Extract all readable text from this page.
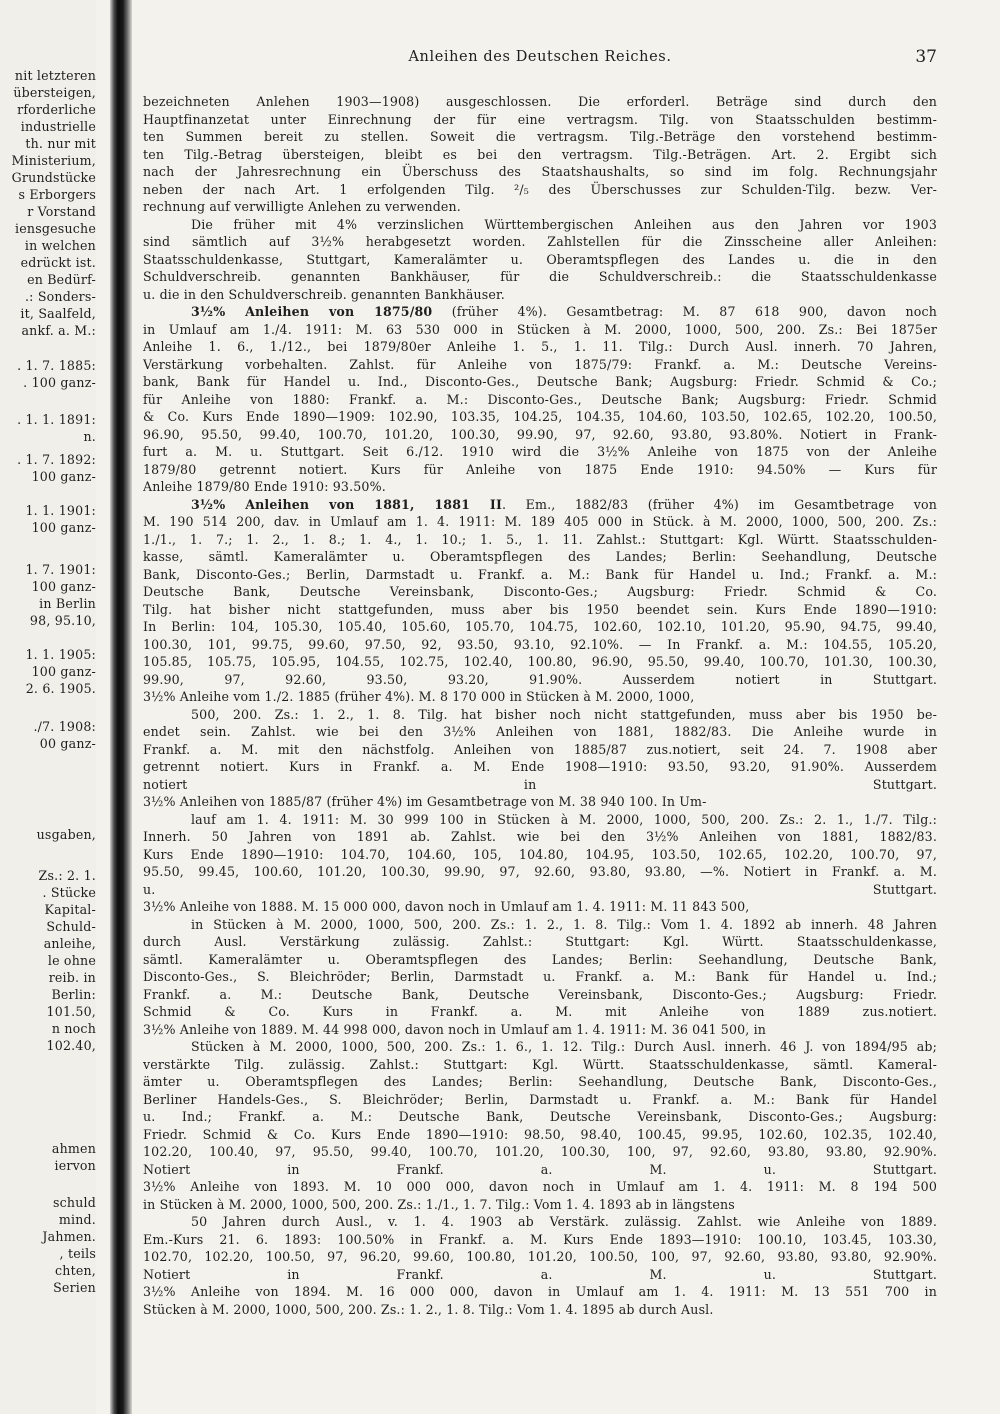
nit letzteren
übersteigen,
rforderliche
industrielle
th. nur mit
Ministerium,
Grundstücke
s Erborgers
r Vorstand
iensgesuche
in welchen
edrückt ist.
en Bedürf-
.: Sonders-
it, Saalfeld,
ankf. a. M.:
. 1. 7. 1885:
. 100 ganz-
. 1. 1. 1891:
n.
. 1. 7. 1892:
100 ganz-
1. 1. 1901:
100 ganz-
1. 7. 1901:
100 ganz-
in Berlin
98, 95.10,
1. 1. 1905:
100 ganz-
2. 6. 1905.
./7. 1908:
00 ganz-
usgaben,
Zs.: 2. 1.
. Stücke
Kapital-
Schuld-
anleihe,
le ohne
reib. in
Berlin:
101.50,
n noch
102.40,
ahmen
iervon
schuld
mind.
Jahmen.
, teils
chten,
Serien
Anleihen des Deutschen Reiches.	37
bezeichneten Anlehen 1903—1908) ausgeschlossen. Die erforderl. Beträge sind durch den
Hauptfinanzetat unter Einrechnung der für eine vertragsm. Tilg. von Staatsschulden bestimm-
ten Summen bereit zu stellen. Soweit die vertragsm. Tilg.-Beträge den vorstehend bestimm-
ten Tilg.-Betrag übersteigen, bleibt es bei den vertragsm. Tilg.-Beträgen. Art. 2. Ergibt sich
nach der Jahresrechnung ein Überschuss des Staatshaushalts, so sind im folg. Rechnungsjahr
neben der nach Art. 1 erfolgenden Tilg. ²/₅ des Überschusses zur Schulden-Tilg. bezw. Ver-
rechnung auf verwilligte Anlehen zu verwenden.
Die früher mit 4% verzinslichen Württembergischen Anleihen aus den Jahren vor 1903
sind sämtlich auf 3½% herabgesetzt worden. Zahlstellen für die Zinsscheine aller Anleihen:
Staatsschuldenkasse, Stuttgart, Kameralämter u. Oberamtspflegen des Landes u. die in den
Schuldverschreib. genannten Bankhäuser, für die Schuldverschreib.: die Staatsschuldenkasse
u. die in den Schuldverschreib. genannten Bankhäuser.
3½% Anleihen von 1875/80 (früher 4%). Gesamtbetrag: M. 87 618 900, davon noch
in Umlauf am 1./4. 1911: M. 63 530 000 in Stücken à M. 2000, 1000, 500, 200. Zs.: Bei 1875er
Anleihe 1. 6., 1./12., bei 1879/80er Anleihe 1. 5., 1. 11. Tilg.: Durch Ausl. innerh. 70 Jahren,
Verstärkung vorbehalten. Zahlst. für Anleihe von 1875/79: Frankf. a. M.: Deutsche Vereins-
bank, Bank für Handel u. Ind., Disconto-Ges., Deutsche Bank; Augsburg: Friedr. Schmid & Co.;
für Anleihe von 1880: Frankf. a. M.: Disconto-Ges., Deutsche Bank; Augsburg: Friedr. Schmid
& Co. Kurs Ende 1890—1909: 102.90, 103.35, 104.25, 104.35, 104.60, 103.50, 102.65, 102.20, 100.50,
96.90, 95.50, 99.40, 100.70, 101.20, 100.30, 99.90, 97, 92.60, 93.80, 93.80%. Notiert in Frank-
furt a. M. u. Stuttgart. Seit 6./12. 1910 wird die 3½% Anleihe von 1875 von der Anleihe
1879/80 getrennt notiert. Kurs für Anleihe von 1875 Ende 1910: 94.50% — Kurs für
Anleihe 1879/80 Ende 1910: 93.50%.
3½% Anleihen von 1881, 1881 II. Em., 1882/83 (früher 4%) im Gesamtbetrage von
M. 190 514 200, dav. in Umlauf am 1. 4. 1911: M. 189 405 000 in Stück. à M. 2000, 1000, 500, 200. Zs.:
1./1., 1. 7.; 1. 2., 1. 8.; 1. 4., 1. 10.; 1. 5., 1. 11. Zahlst.: Stuttgart: Kgl. Württ. Staatsschulden-
kasse, sämtl. Kameralämter u. Oberamtspflegen des Landes; Berlin: Seehandlung, Deutsche
Bank, Disconto-Ges.; Berlin, Darmstadt u. Frankf. a. M.: Bank für Handel u. Ind.; Frankf. a. M.:
Deutsche Bank, Deutsche Vereinsbank, Disconto-Ges.; Augsburg: Friedr. Schmid & Co.
Tilg. hat bisher nicht stattgefunden, muss aber bis 1950 beendet sein. Kurs Ende 1890—1910:
In Berlin: 104, 105.30, 105.40, 105.60, 105.70, 104.75, 102.60, 102.10, 101.20, 95.90, 94.75, 99.40,
100.30, 101, 99.75, 99.60, 97.50, 92, 93.50, 93.10, 92.10%. — In Frankf. a. M.: 104.55, 105.20,
105.85, 105.75, 105.95, 104.55, 102.75, 102.40, 100.80, 96.90, 95.50, 99.40, 100.70, 101.30, 100.30,
99.90, 97, 92.60, 93.50, 93.20, 91.90%. Ausserdem notiert in Stuttgart.
3½% Anleihe vom 1./2. 1885 (früher 4%). M. 8 170 000 in Stücken à M. 2000, 1000,
500, 200. Zs.: 1. 2., 1. 8. Tilg. hat bisher noch nicht stattgefunden, muss aber bis 1950 be-
endet sein. Zahlst. wie bei den 3½% Anleihen von 1881, 1882/83. Die Anleihe wurde in
Frankf. a. M. mit den nächstfolg. Anleihen von 1885/87 zus.notiert, seit 24. 7. 1908 aber
getrennt notiert. Kurs in Frankf. a. M. Ende 1908—1910: 93.50, 93.20, 91.90%. Ausserdem
notiert in Stuttgart.
3½% Anleihen von 1885/87 (früher 4%) im Gesamtbetrage von M. 38 940 100. In Um-
lauf am 1. 4. 1911: M. 30 999 100 in Stücken à M. 2000, 1000, 500, 200. Zs.: 2. 1., 1./7. Tilg.:
Innerh. 50 Jahren von 1891 ab. Zahlst. wie bei den 3½% Anleihen von 1881, 1882/83.
Kurs Ende 1890—1910: 104.70, 104.60, 105, 104.80, 104.95, 103.50, 102.65, 102.20, 100.70, 97,
95.50, 99.45, 100.60, 101.20, 100.30, 99.90, 97, 92.60, 93.80, 93.80, —%. Notiert in Frankf. a. M.
u. Stuttgart.
3½% Anleihe von 1888. M. 15 000 000, davon noch in Umlauf am 1. 4. 1911: M. 11 843 500,
in Stücken à M. 2000, 1000, 500, 200. Zs.: 1. 2., 1. 8. Tilg.: Vom 1. 4. 1892 ab innerh. 48 Jahren
durch Ausl. Verstärkung zulässig. Zahlst.: Stuttgart: Kgl. Württ. Staatsschuldenkasse,
sämtl. Kameralämter u. Oberamtspflegen des Landes; Berlin: Seehandlung, Deutsche Bank,
Disconto-Ges., S. Bleichröder; Berlin, Darmstadt u. Frankf. a. M.: Bank für Handel u. Ind.;
Frankf. a. M.: Deutsche Bank, Deutsche Vereinsbank, Disconto-Ges.; Augsburg: Friedr.
Schmid & Co. Kurs in Frankf. a. M. mit Anleihe von 1889 zus.notiert.
3½% Anleihe von 1889. M. 44 998 000, davon noch in Umlauf am 1. 4. 1911: M. 36 041 500, in
Stücken à M. 2000, 1000, 500, 200. Zs.: 1. 6., 1. 12. Tilg.: Durch Ausl. innerh. 46 J. von 1894/95 ab;
verstärkte Tilg. zulässig. Zahlst.: Stuttgart: Kgl. Württ. Staatsschuldenkasse, sämtl. Kameral-
ämter u. Oberamtspflegen des Landes; Berlin: Seehandlung, Deutsche Bank, Disconto-Ges.,
Berliner Handels-Ges., S. Bleichröder; Berlin, Darmstadt u. Frankf. a. M.: Bank für Handel
u. Ind.; Frankf. a. M.: Deutsche Bank, Deutsche Vereinsbank, Disconto-Ges.; Augsburg:
Friedr. Schmid & Co. Kurs Ende 1890—1910: 98.50, 98.40, 100.45, 99.95, 102.60, 102.35, 102.40,
102.20, 100.40, 97, 95.50, 99.40, 100.70, 101.20, 100.30, 100, 97, 92.60, 93.80, 93.80, 92.90%.
Notiert in Frankf. a. M. u. Stuttgart.
3½% Anleihe von 1893. M. 10 000 000, davon noch in Umlauf am 1. 4. 1911: M. 8 194 500
in Stücken à M. 2000, 1000, 500, 200. Zs.: 1./1., 1. 7. Tilg.: Vom 1. 4. 1893 ab in längstens
50 Jahren durch Ausl., v. 1. 4. 1903 ab Verstärk. zulässig. Zahlst. wie Anleihe von 1889.
Em.-Kurs 21. 6. 1893: 100.50% in Frankf. a. M. Kurs Ende 1893—1910: 100.10, 103.45, 103.30,
102.70, 102.20, 100.50, 97, 96.20, 99.60, 100.80, 101.20, 100.50, 100, 97, 92.60, 93.80, 93.80, 92.90%.
Notiert in Frankf. a. M. u. Stuttgart.
3½% Anleihe von 1894. M. 16 000 000, davon in Umlauf am 1. 4. 1911: M. 13 551 700 in
Stücken à M. 2000, 1000, 500, 200. Zs.: 1. 2., 1. 8. Tilg.: Vom 1. 4. 1895 ab durch Ausl.
